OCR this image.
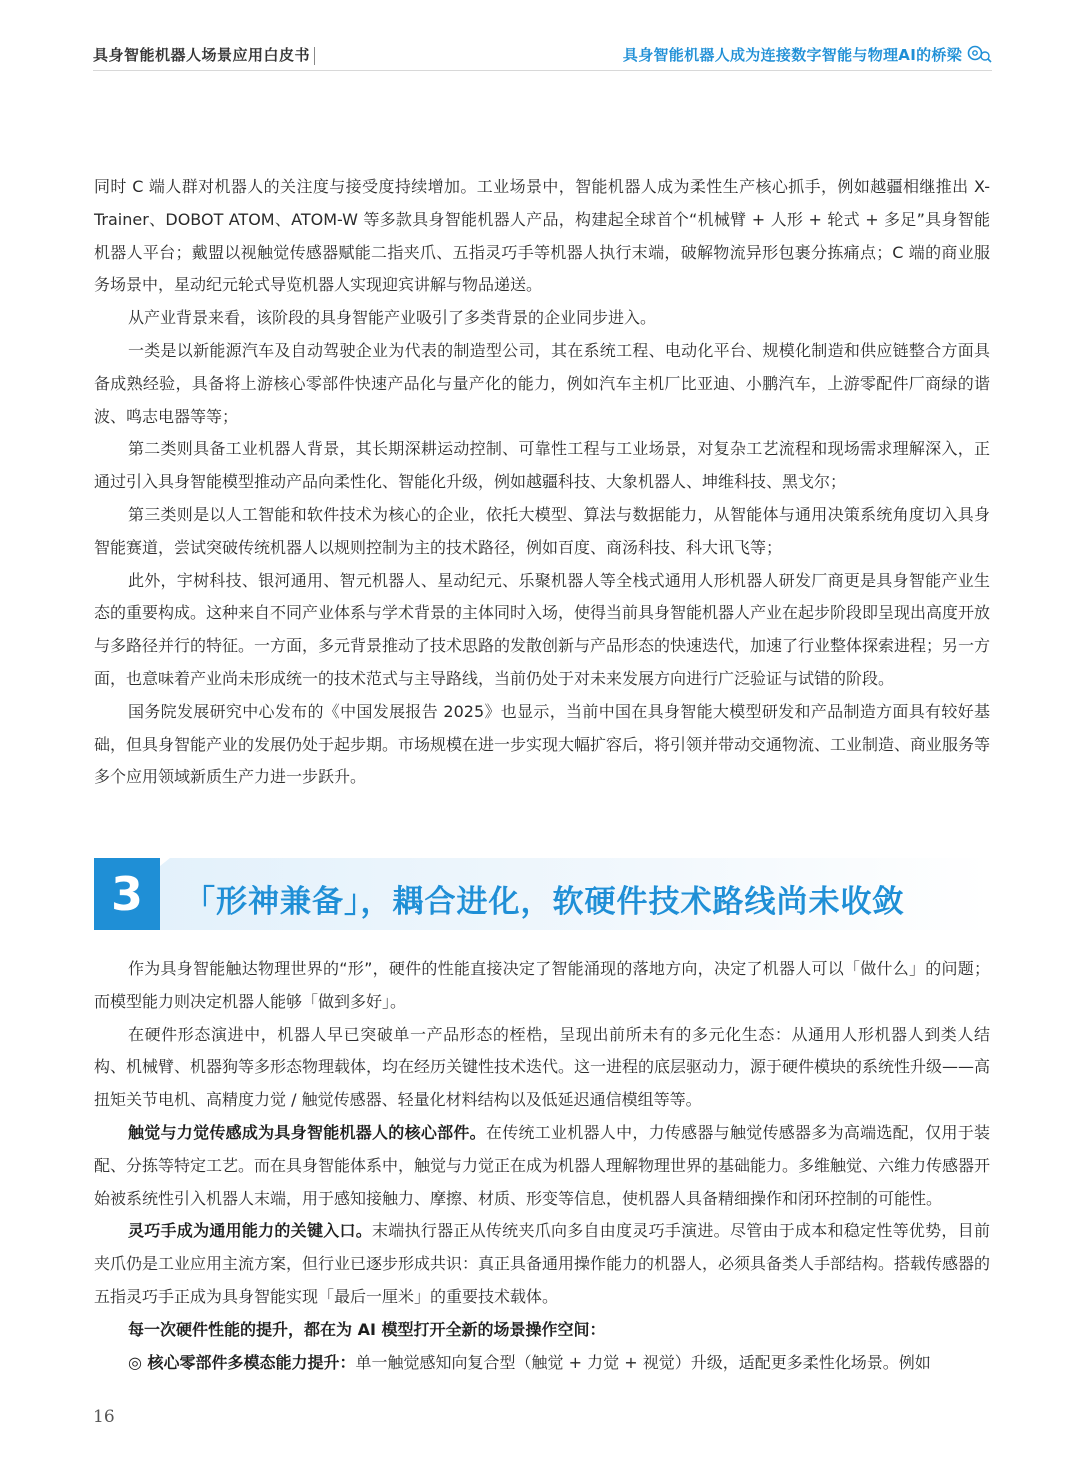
具身智能机器人场景应用白皮书	具身智能机器人成为连接数字智能与物理AI的桥梁

同时 C 端人群对机器人的关注度与接受度持续增加。工业场景中，智能机器人成为柔性生产核心抓手，例如越疆相继推出 X-Trainer、DOBOT ATOM、ATOM-W 等多款具身智能机器人产品，构建起全球首个“机械臂 + 人形 + 轮式 + 多足”具身智能机器人平台；戴盟以视触觉传感器赋能二指夹爪、五指灵巧手等机器人执行末端，破解物流异形包裹分拣痛点；C 端的商业服务场景中，星动纪元轮式导览机器人实现迎宾讲解与物品递送。

从产业背景来看，该阶段的具身智能产业吸引了多类背景的企业同步进入。

一类是以新能源汽车及自动驾驶企业为代表的制造型公司，其在系统工程、电动化平台、规模化制造和供应链整合方面具备成熟经验，具备将上游核心零部件快速产品化与量产化的能力，例如汽车主机厂比亚迪、小鹏汽车，上游零配件厂商绿的谐波、鸣志电器等等；

第二类则具备工业机器人背景，其长期深耕运动控制、可靠性工程与工业场景，对复杂工艺流程和现场需求理解深入，正通过引入具身智能模型推动产品向柔性化、智能化升级，例如越疆科技、大象机器人、坤维科技、黑戈尔；

第三类则是以人工智能和软件技术为核心的企业，依托大模型、算法与数据能力，从智能体与通用决策系统角度切入具身智能赛道，尝试突破传统机器人以规则控制为主的技术路径，例如百度、商汤科技、科大讯飞等；

此外，宇树科技、银河通用、智元机器人、星动纪元、乐聚机器人等全栈式通用人形机器人研发厂商更是具身智能产业生态的重要构成。这种来自不同产业体系与学术背景的主体同时入场，使得当前具身智能机器人产业在起步阶段即呈现出高度开放与多路径并行的特征。一方面，多元背景推动了技术思路的发散创新与产品形态的快速迭代，加速了行业整体探索进程；另一方面，也意味着产业尚未形成统一的技术范式与主导路线，当前仍处于对未来发展方向进行广泛验证与试错的阶段。

国务院发展研究中心发布的《中国发展报告 2025》也显示，当前中国在具身智能大模型研发和产品制造方面具有较好基础，但具身智能产业的发展仍处于起步期。市场规模在进一步实现大幅扩容后，将引领并带动交通物流、工业制造、商业服务等多个应用领域新质生产力进一步跃升。

3	「形神兼备」，耦合进化，软硬件技术路线尚未收敛

作为具身智能触达物理世界的“形”，硬件的性能直接决定了智能涌现的落地方向，决定了机器人可以「做什么」的问题；而模型能力则决定机器人能够「做到多好」。

在硬件形态演进中，机器人早已突破单一产品形态的桎梏，呈现出前所未有的多元化生态：从通用人形机器人到类人结构、机械臂、机器狗等多形态物理载体，均在经历关键性技术迭代。这一进程的底层驱动力，源于硬件模块的系统性升级——高扭矩关节电机、高精度力觉 / 触觉传感器、轻量化材料结构以及低延迟通信模组等等。

触觉与力觉传感成为具身智能机器人的核心部件。在传统工业机器人中，力传感器与触觉传感器多为高端选配，仅用于装配、分拣等特定工艺。而在具身智能体系中，触觉与力觉正在成为机器人理解物理世界的基础能力。多维触觉、六维力传感器开始被系统性引入机器人末端，用于感知接触力、摩擦、材质、形变等信息，使机器人具备精细操作和闭环控制的可能性。

灵巧手成为通用能力的关键入口。末端执行器正从传统夹爪向多自由度灵巧手演进。尽管由于成本和稳定性等优势，目前夹爪仍是工业应用主流方案，但行业已逐步形成共识：真正具备通用操作能力的机器人，必须具备类人手部结构。搭载传感器的五指灵巧手正成为具身智能实现「最后一厘米」的重要技术载体。

每一次硬件性能的提升，都在为 AI 模型打开全新的场景操作空间：

◎ 核心零部件多模态能力提升：单一触觉感知向复合型（触觉 + 力觉 + 视觉）升级，适配更多柔性化场景。例如

16
